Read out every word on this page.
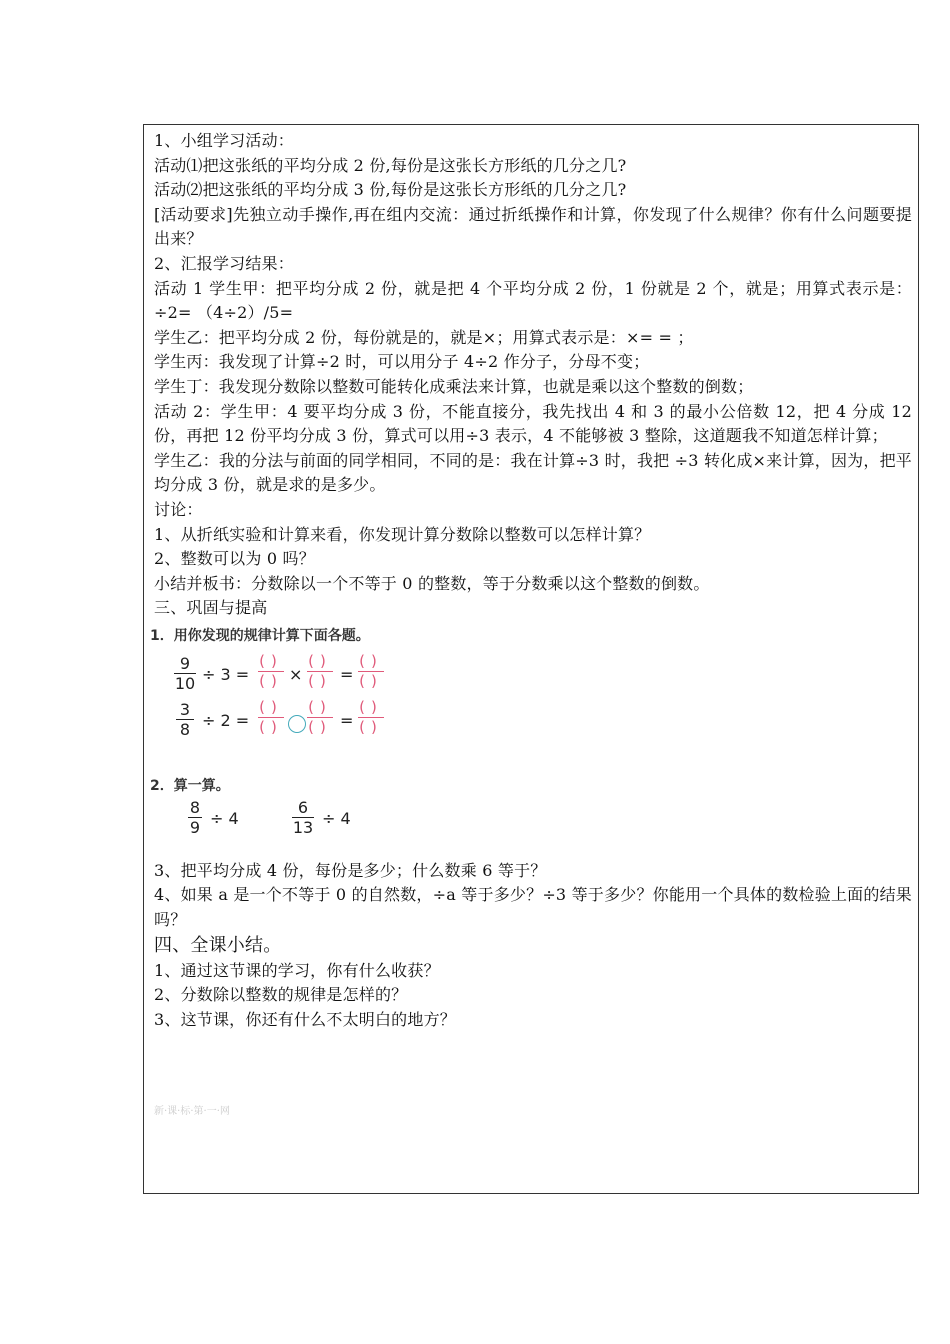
1、小组学习活动：
活动⑴把这张纸的平均分成 2 份,每份是这张长方形纸的几分之几?
活动⑵把这张纸的平均分成 3 份,每份是这张长方形纸的几分之几?
[活动要求]先独立动手操作,再在组内交流：通过折纸操作和计算，你发现了什么规律？你有什么问题要提出来？
2、汇报学习结果：
活动 1 学生甲：把平均分成 2 份，就是把 4 个平均分成 2 份，1 份就是 2 个，就是；用算式表示是：÷2= （4÷2）/5=
学生乙：把平均分成 2 份，每份就是的，就是×；用算式表示是：×= = ；
学生丙：我发现了计算÷2 时，可以用分子 4÷2 作分子，分母不变；
学生丁：我发现分数除以整数可能转化成乘法来计算，也就是乘以这个整数的倒数；
活动 2：学生甲：4 要平均分成 3 份，不能直接分，我先找出 4 和 3 的最小公倍数 12，把 4 分成 12 份，再把 12 份平均分成 3 份，算式可以用÷3 表示，4 不能够被 3 整除，这道题我不知道怎样计算；
学生乙：我的分法与前面的同学相同，不同的是：我在计算÷3 时，我把 ÷3 转化成×来计算，因为，把平均分成 3 份，就是求的是多少。
讨论：
1、从折纸实验和计算来看，你发现计算分数除以整数可以怎样计算？
2、整数可以为 0 吗？
小结并板书：分数除以一个不等于 0 的整数，等于分数乘以这个整数的倒数。
三、巩固与提高
1．用你发现的规律计算下面各题。
9
10 ÷ 3 =
()
() ×
()
() =
()
()
3
8 ÷ 2 =
()
()
()
() =
()
()
2．算一算。
8
9 ÷ 4
6
13 ÷ 4
3、把平均分成 4 份，每份是多少；什么数乘 6 等于？
4、如果 a 是一个不等于 0 的自然数，÷a 等于多少？÷3 等于多少？你能用一个具体的数检验上面的结果吗？
四、全课小结。
1、通过这节课的学习，你有什么收获？
2、分数除以整数的规律是怎样的？
3、这节课，你还有什么不太明白的地方？
新·课·标·第·一·网
